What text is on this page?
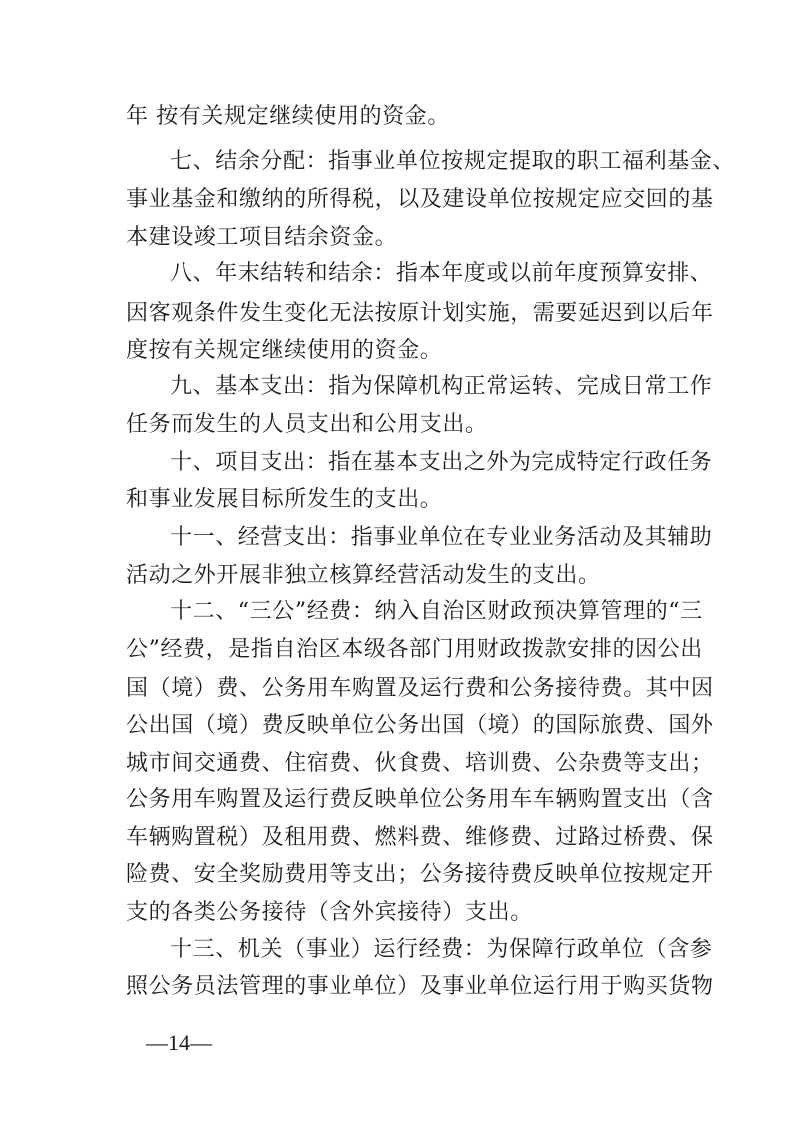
年 按有关规定继续使用的资金。
七、结余分配：指事业单位按规定提取的职工福利基金、
事业基金和缴纳的所得税，以及建设单位按规定应交回的基
本建设竣工项目结余资金。
八、年末结转和结余：指本年度或以前年度预算安排、
因客观条件发生变化无法按原计划实施，需要延迟到以后年
度按有关规定继续使用的资金。
九、基本支出：指为保障机构正常运转、完成日常工作
任务而发生的人员支出和公用支出。
十、项目支出：指在基本支出之外为完成特定行政任务
和事业发展目标所发生的支出。
十一、经营支出：指事业单位在专业业务活动及其辅助
活动之外开展非独立核算经营活动发生的支出。
十二、“三公”经费：纳入自治区财政预决算管理的“三
公”经费，是指自治区本级各部门用财政拨款安排的因公出
国（境）费、公务用车购置及运行费和公务接待费。其中因
公出国（境）费反映单位公务出国（境）的国际旅费、国外
城市间交通费、住宿费、伙食费、培训费、公杂费等支出；
公务用车购置及运行费反映单位公务用车车辆购置支出（含
车辆购置税）及租用费、燃料费、维修费、过路过桥费、保
险费、安全奖励费用等支出；公务接待费反映单位按规定开
支的各类公务接待（含外宾接待）支出。
十三、机关（事业）运行经费：为保障行政单位（含参
照公务员法管理的事业单位）及事业单位运行用于购买货物
—14—
